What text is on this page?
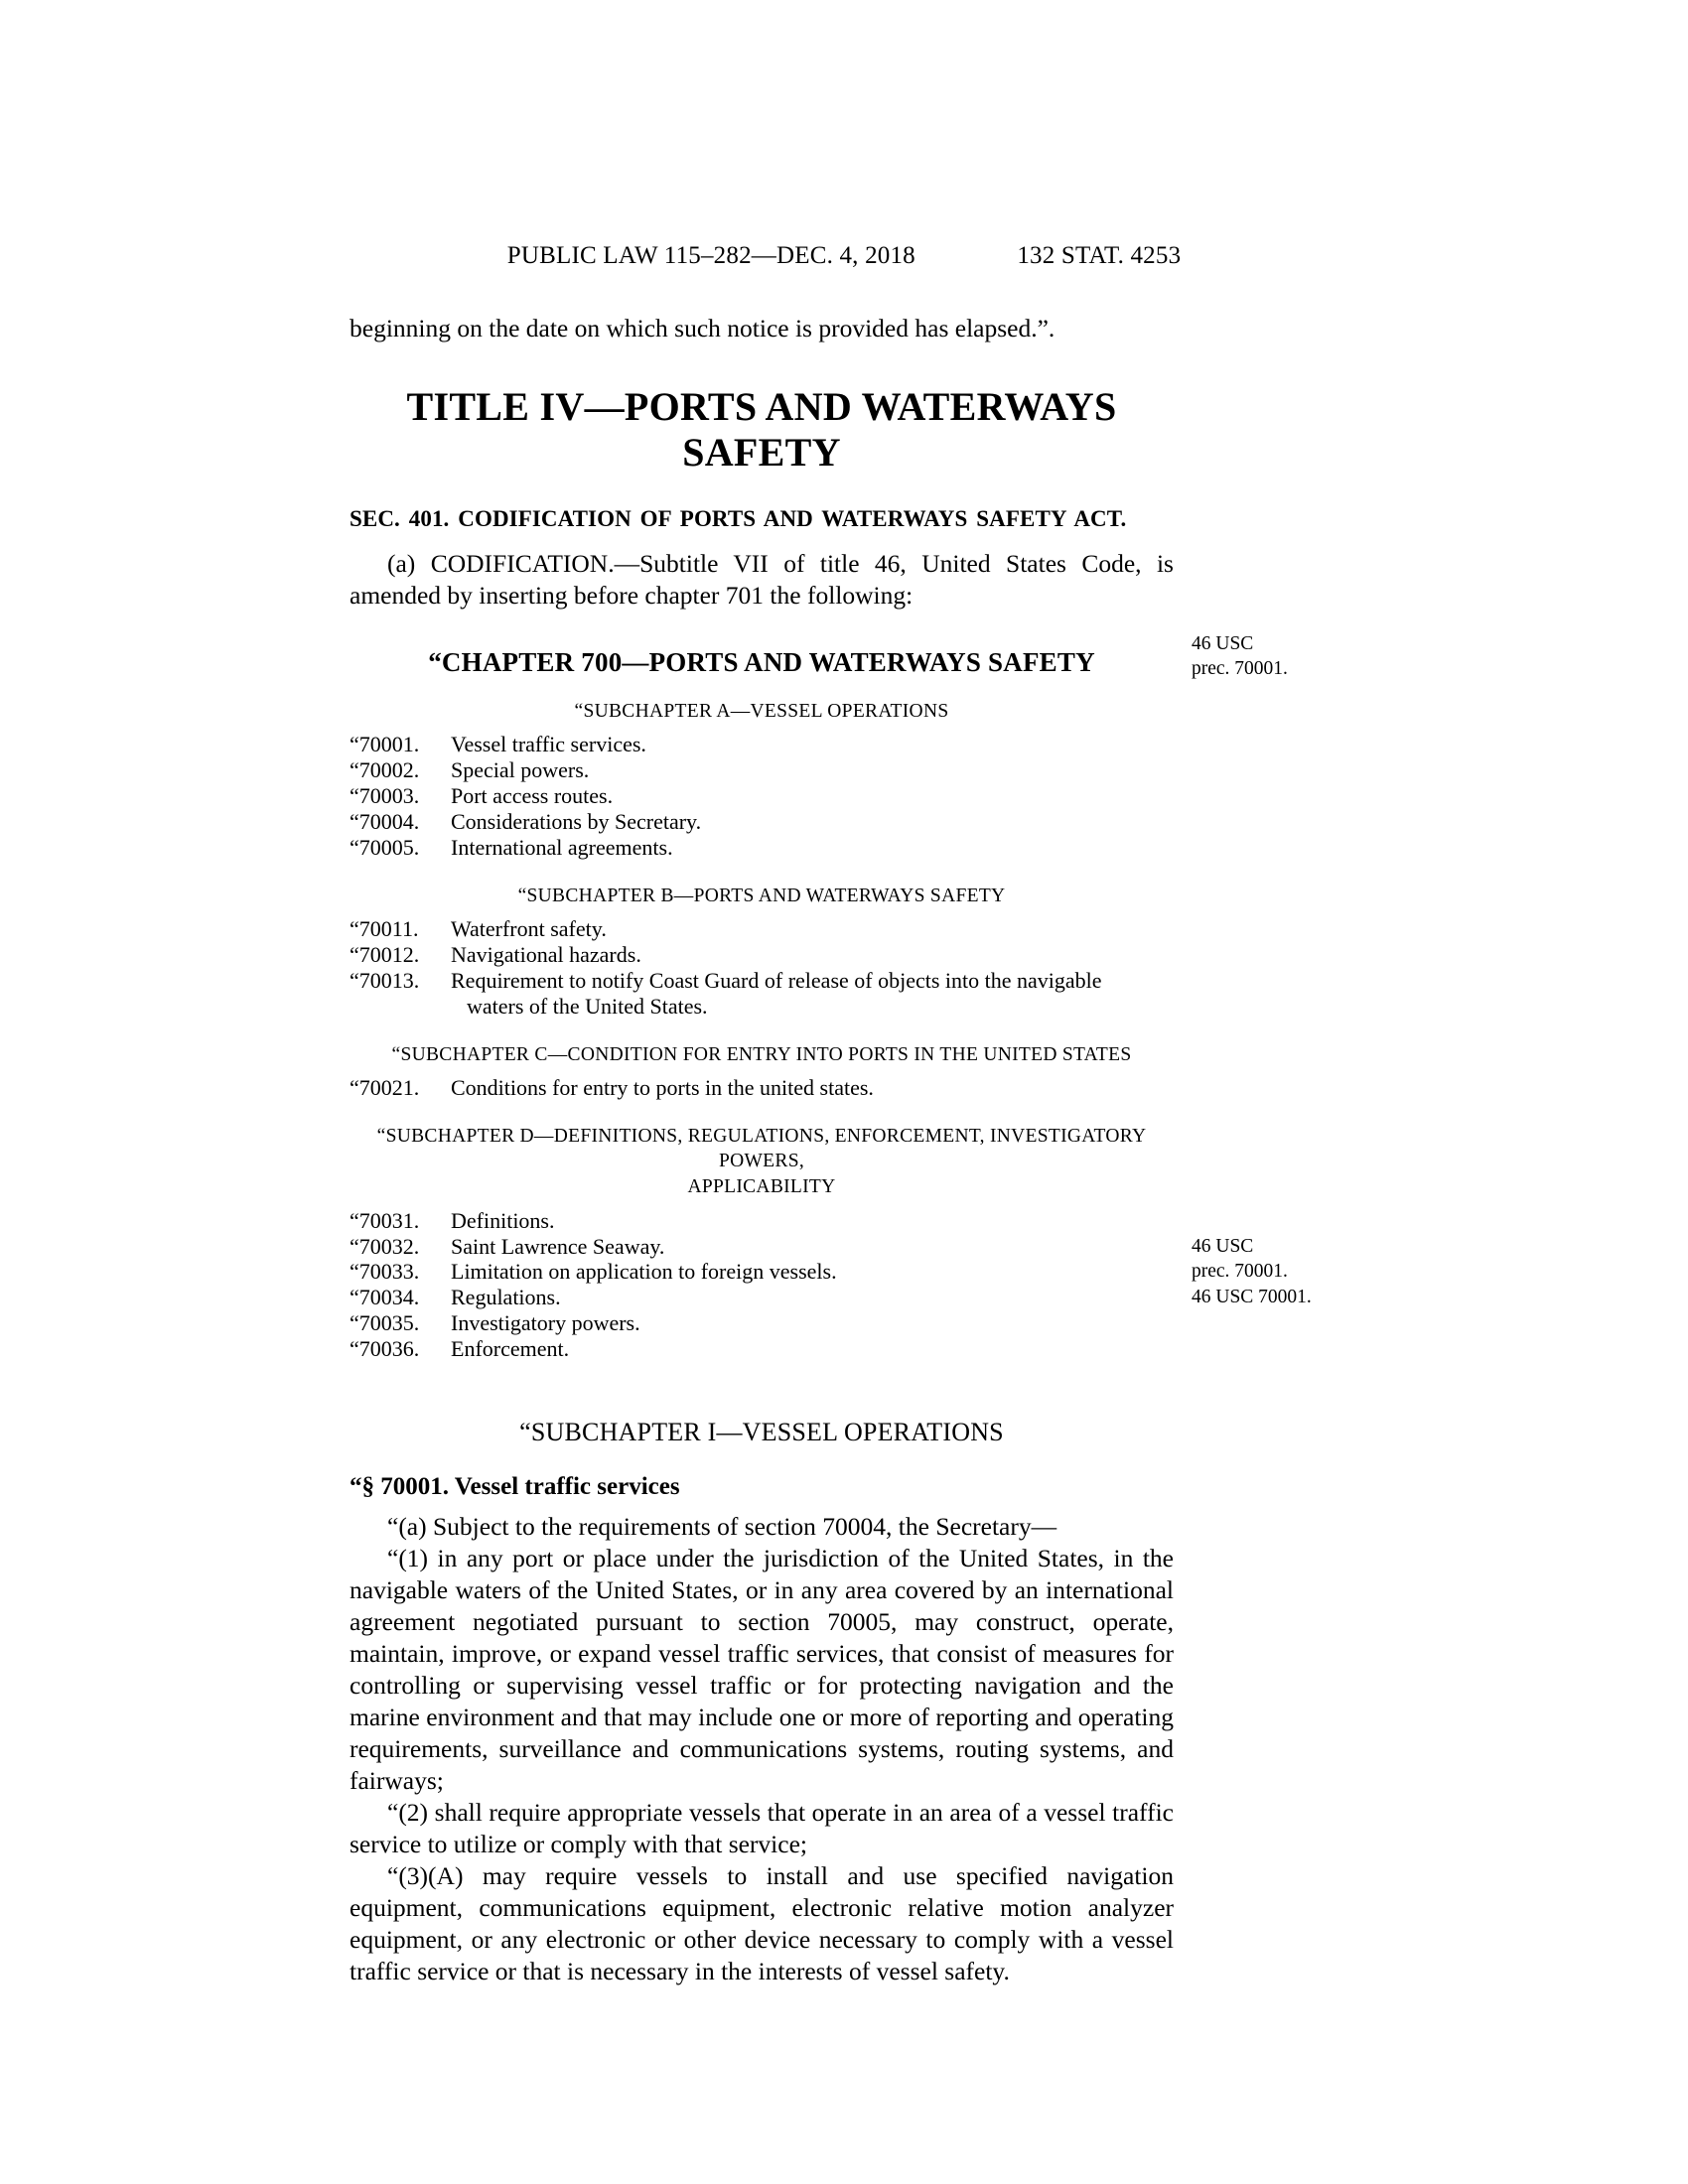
PUBLIC LAW 115–282—DEC. 4, 2018	132 STAT. 4253

beginning on the date on which such notice is provided has elapsed.”.

TITLE IV—PORTS AND WATERWAYS
SAFETY
SEC. 401. CODIFICATION OF PORTS AND WATERWAYS SAFETY ACT.

(a) CODIFICATION.—Subtitle VII of title 46, United States Code, is amended by inserting before chapter 701 the following:

“CHAPTER 700—PORTS AND WATERWAYS SAFETY
“SUBCHAPTER A—VESSEL OPERATIONS
“70001. Vessel traffic services.
“70002. Special powers.
“70003. Port access routes.
“70004. Considerations by Secretary.
“70005. International agreements.
“SUBCHAPTER B—PORTS AND WATERWAYS SAFETY
“70011. Waterfront safety.
“70012. Navigational hazards.
“70013. Requirement to notify Coast Guard of release of objects into the navigablewaters of the United States.
“SUBCHAPTER C—CONDITION FOR ENTRY INTO PORTS IN THE UNITED STATES
“70021. Conditions for entry to ports in the united states.
“SUBCHAPTER D—DEFINITIONS, REGULATIONS, ENFORCEMENT, INVESTIGATORY POWERS,
APPLICABILITY
“70031. Definitions.
“70032. Saint Lawrence Seaway.
“70033. Limitation on application to foreign vessels.
“70034. Regulations.
“70035. Investigatory powers.
“70036. Enforcement.
“SUBCHAPTER I—VESSEL OPERATIONS
“§ 70001. Vessel traffic services

“(a) Subject to the requirements of section 70004, the Secretary—

“(1) in any port or place under the jurisdiction of the United States, in the navigable waters of the United States, or in any area covered by an international agreement negotiated pursuant to section 70005, may construct, operate, maintain, improve, or expand vessel traffic services, that consist of measures for controlling or supervising vessel traffic or for protecting navigation and the marine environment and that may include one or more of reporting and operating requirements, surveillance and communications systems, routing systems, and fairways;

“(2) shall require appropriate vessels that operate in an area of a vessel traffic service to utilize or comply with that service;

“(3)(A) may require vessels to install and use specified navigation equipment, communications equipment, electronic relative motion analyzer equipment, or any electronic or other device necessary to comply with a vessel traffic service or that is necessary in the interests of vessel safety.

46 USC
prec. 70001.
46 USC
prec. 70001.
46 USC 70001.
